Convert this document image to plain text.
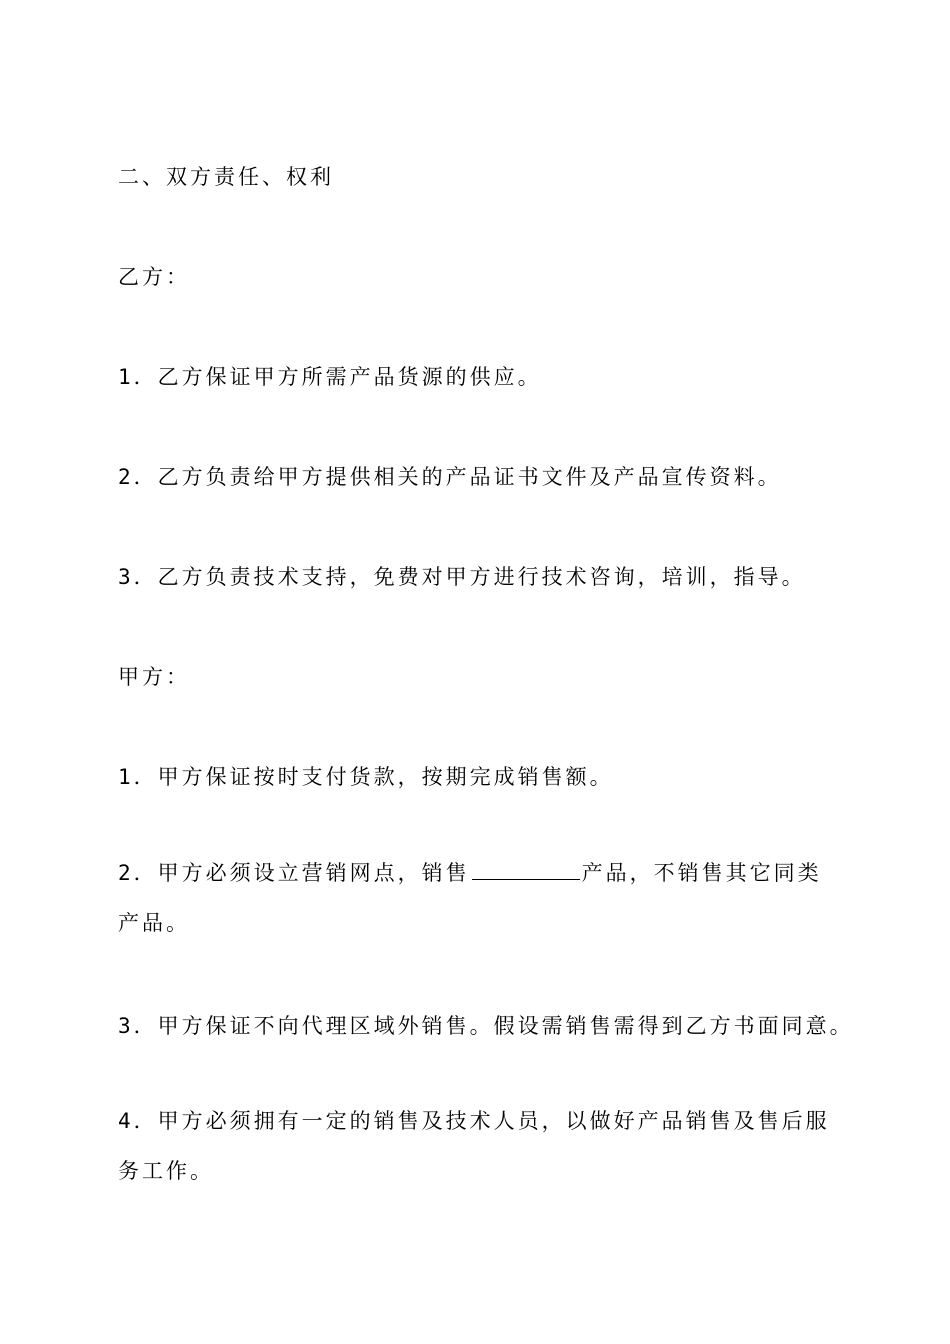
二、双方责任、权利
乙方：
1．乙方保证甲方所需产品货源的供应。
2．乙方负责给甲方提供相关的产品证书文件及产品宣传资料。
3．乙方负责技术支持，免费对甲方进行技术咨询，培训，指导。
甲方：
1．甲方保证按时支付货款，按期完成销售额。
2．甲方必须设立营销网点，销售	产品，不销售其它同类
产品。
3．甲方保证不向代理区域外销售。假设需销售需得到乙方书面同意。
4．甲方必须拥有一定的销售及技术人员，以做好产品销售及售后服
务工作。
